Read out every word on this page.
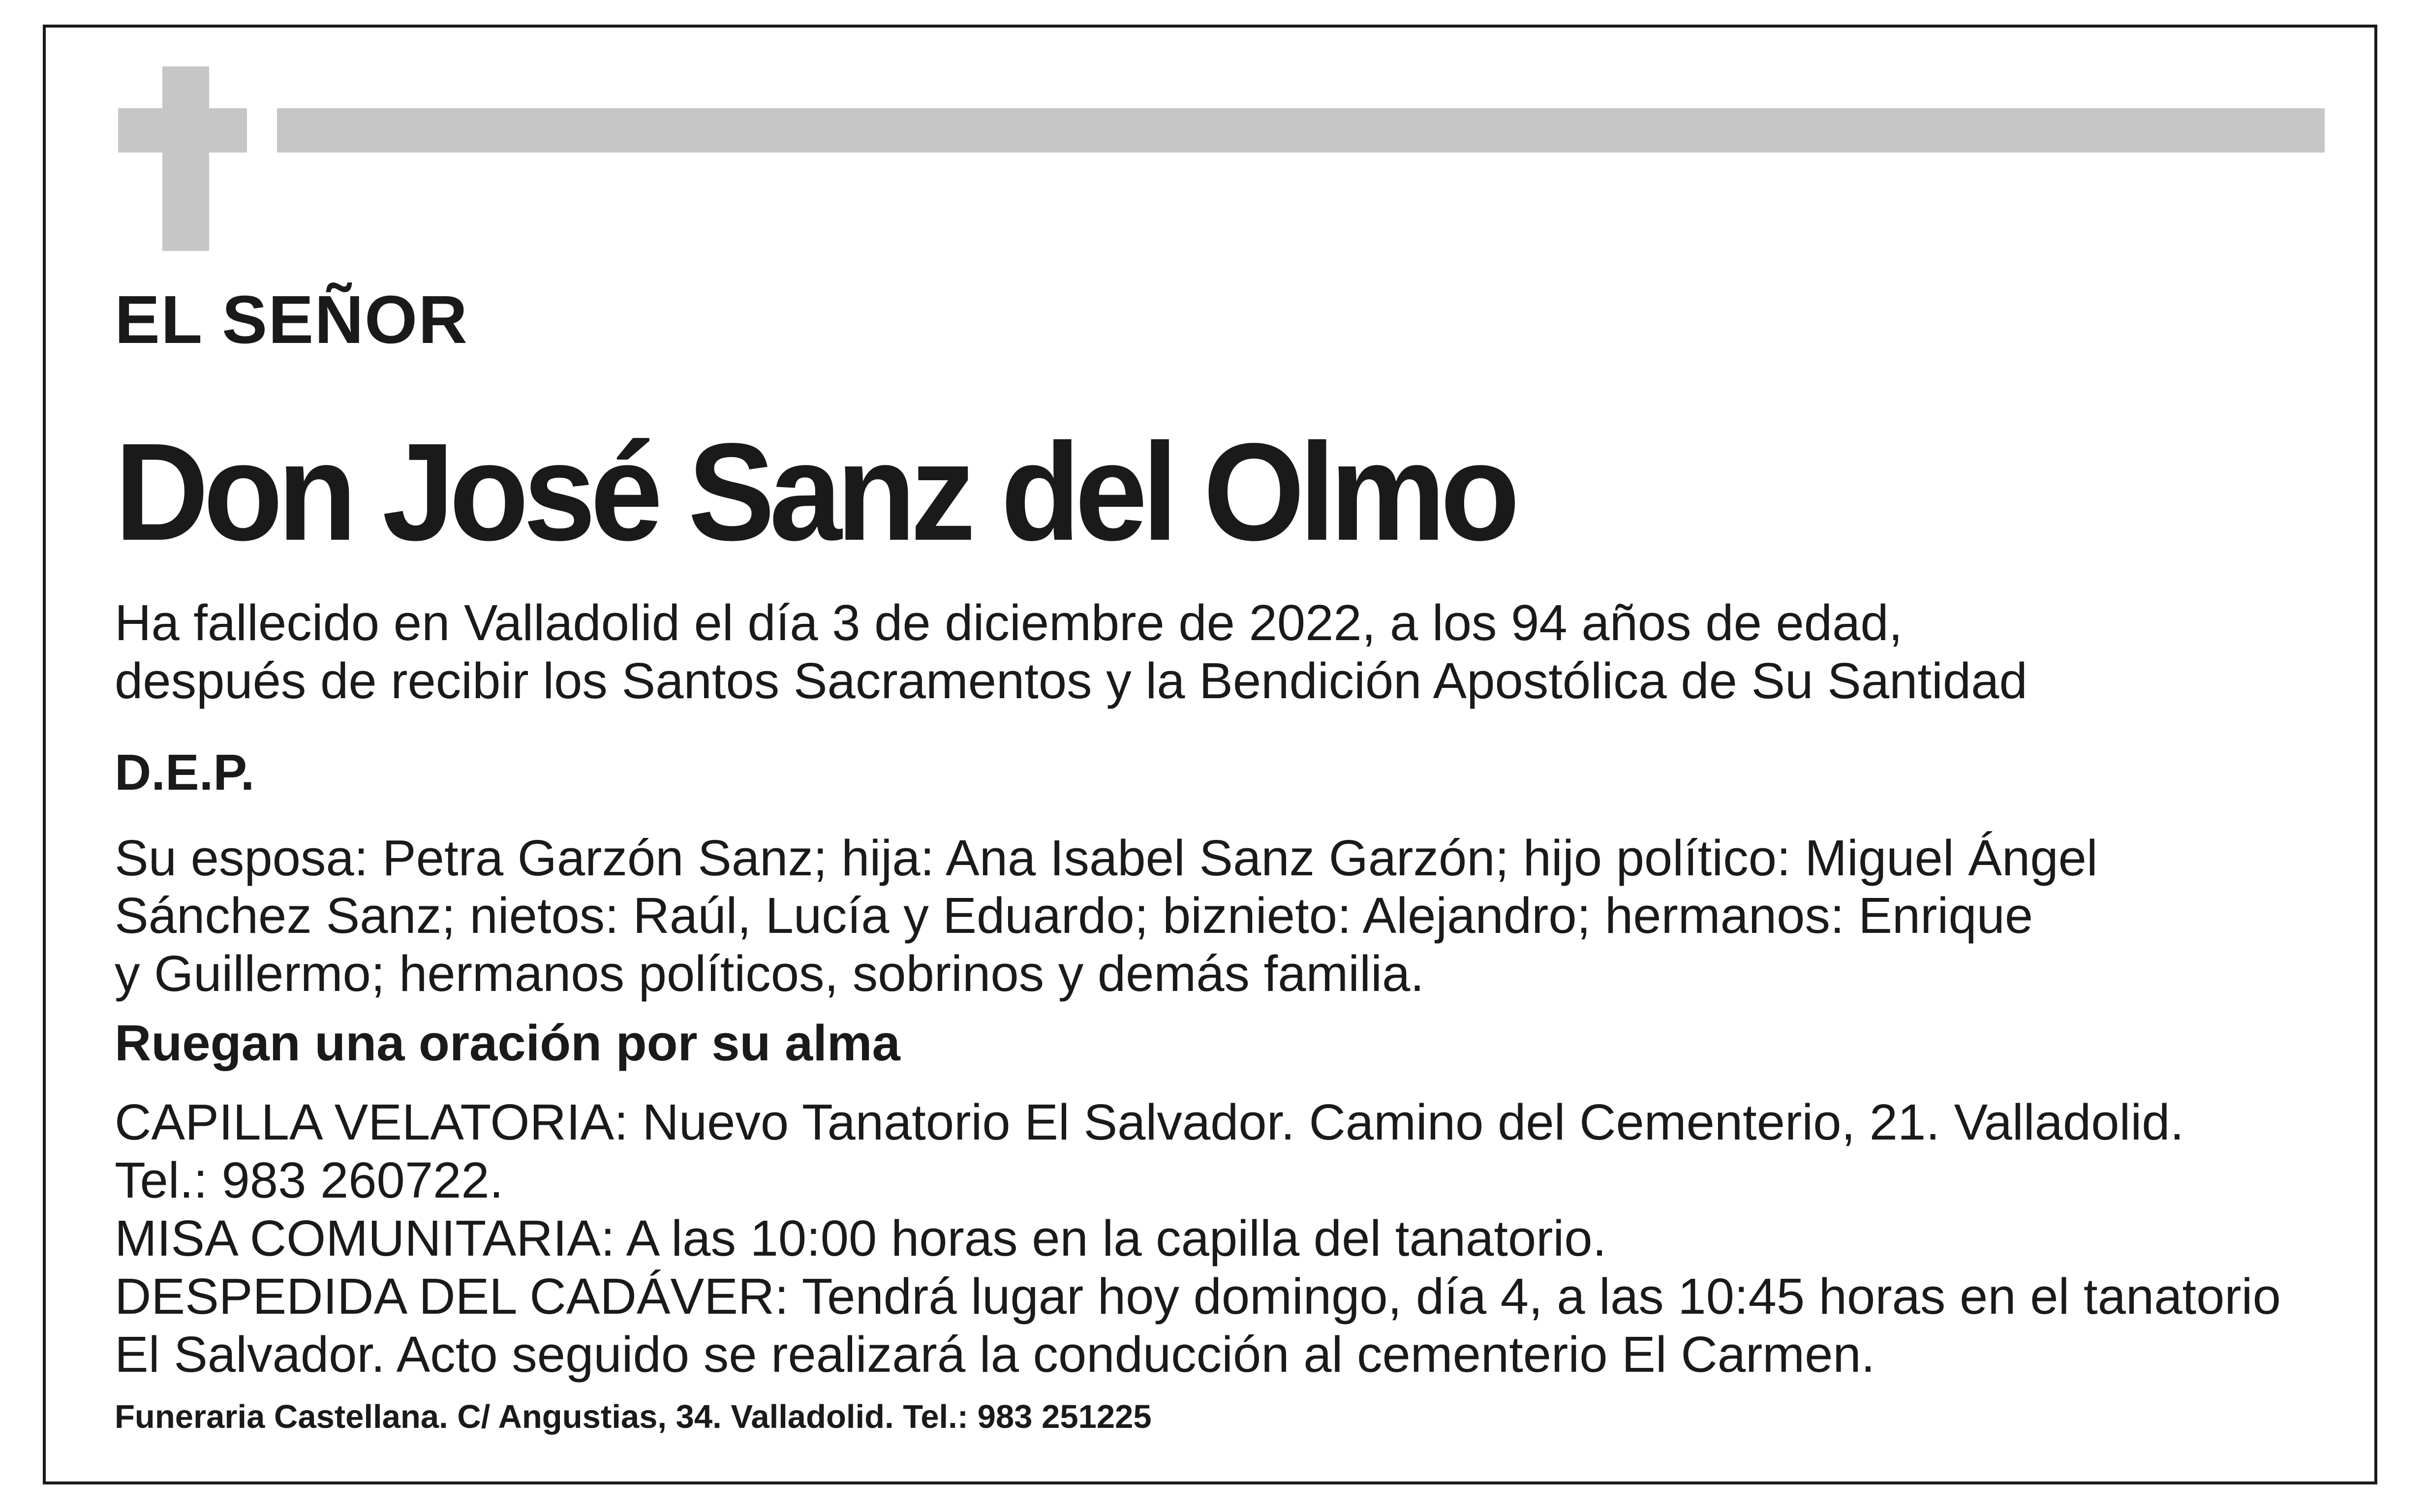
EL SEÑOR

Don José Sanz del Olmo

Ha fallecido en Valladolid el día 3 de diciembre de 2022, a los 94 años de edad,

después de recibir los Santos Sacramentos y la Bendición Apostólica de Su Santidad

D.E.P.

Su esposa: Petra Garzón Sanz; hija: Ana Isabel Sanz Garzón; hijo político: Miguel Ángel

Sánchez Sanz; nietos: Raúl, Lucía y Eduardo; biznieto: Alejandro; hermanos: Enrique

y Guillermo; hermanos políticos, sobrinos y demás familia.

Ruegan una oración por su alma

CAPILLA VELATORIA: Nuevo Tanatorio El Salvador. Camino del Cementerio, 21. Valladolid.

Tel.: 983 260722.

MISA COMUNITARIA: A las 10:00 horas en la capilla del tanatorio.

DESPEDIDA DEL CADÁVER: Tendrá lugar hoy domingo, día 4, a las 10:45 horas en el tanatorio

El Salvador. Acto seguido se realizará la conducción al cementerio El Carmen.

Funeraria Castellana. C/ Angustias, 34. Valladolid. Tel.: 983 251225
